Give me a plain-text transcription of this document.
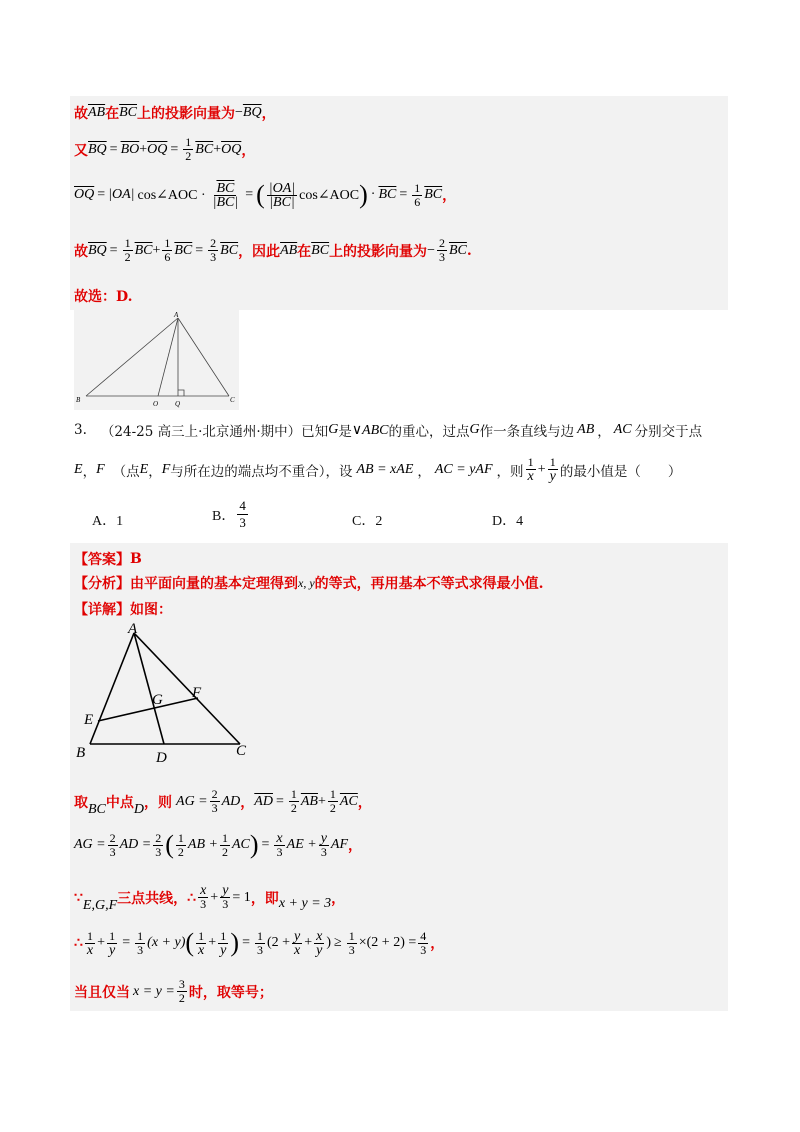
故 $\overline{AB}$ 在 $\overline{BC}$ 上的投影向量为 − $\overline{BQ}$ ，
又 $\overline{BQ} = \overline{BO} + \overline{OQ} = \frac{1}{2} \overline{BC} + \overline{OQ}$ ，
$\overline{OQ} = |OA|$ cos∠AOC · $\frac{\overline{BC}}{|BC|}$ = ( $\frac{|OA|}{|BC|}$ cos∠AOC ) · $\overline{BC} = \frac{1}{6} \overline{BC}$ ，
故 $\overline{BQ} = \frac{1}{2} \overline{BC} + \frac{1}{6} \overline{BC} = \frac{2}{3} \overline{BC}$ ，因此 $\overline{AB}$ 在 $\overline{BC}$ 上的投影向量为 − $\frac{2}{3} \overline{BC}$ .
故选：D.
A
B	O Q	C
3. （24-25 高三上·北京通州·期中）已知 G 是 ∨ABC 的重心，过点 G 作一条直线与边 AB ， AC 分别交于点
E ， F （点 E ， F 与所在边的端点均不重合），设 AB = xAE ， AC = yAF ，则 $\frac{1}{x} + \frac{1}{y}$ 的最小值是（　　）
A．1	B． $\frac{4}{3}$	C．2	D．4
【答案】 B
【分析】 由平面向量的基本定理得到 x, y 的等式，再用基本不等式求得最小值.
【详解】 如图：
A
B	C
D
E
F
G
取 BC 中点 D ，则 AG = $\frac{2}{3}$ AD ， $\overline{AD} = \frac{1}{2} \overline{AB} + \frac{1}{2} \overline{AC}$ ，
AG = $\frac{2}{3}$ AD = $\frac{2}{3}$ ( $\frac{1}{2}$ AB + $\frac{1}{2}$ AC ) = $\frac{x}{3}$ AE + $\frac{y}{3}$ AF ，
∵ E,G,F 三点共线， ∴ $\frac{x}{3} + \frac{y}{3} = 1$ ，即 x + y = 3 ，
∴ $\frac{1}{x} + \frac{1}{y} = \frac{1}{3} (x + y)$ ( $\frac{1}{x} + \frac{1}{y}$ ) = $\frac{1}{3} (2 + \frac{y}{x} + \frac{x}{y}$ ) ≥ $\frac{1}{3} \times(2 + 2) = \frac{4}{3}$ ，
当且仅当 $x = y = \frac{3}{2}$ 时，取等号；
